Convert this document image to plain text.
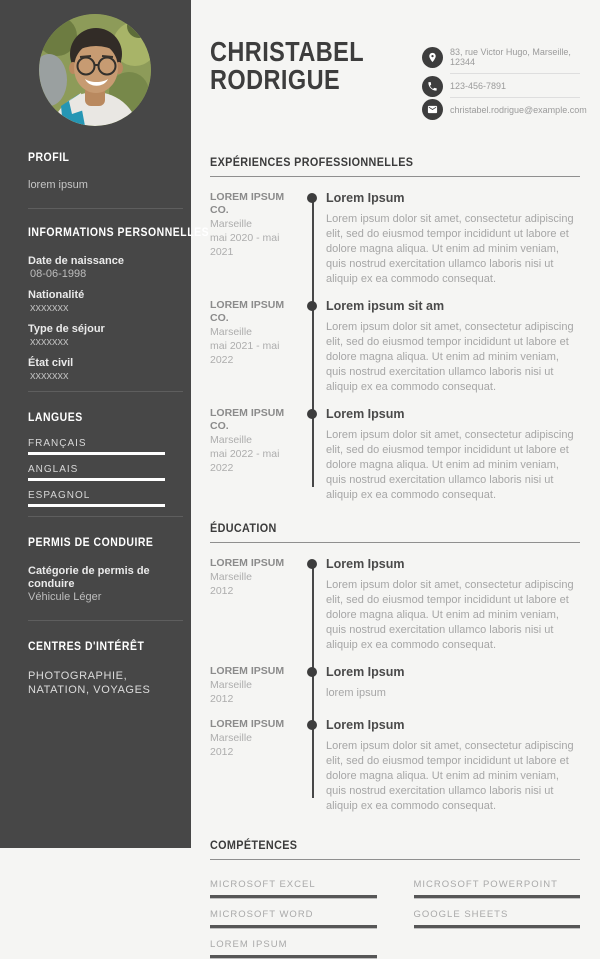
PROFIL
lorem ipsum
INFORMATIONS PERSONNELLES
Date de naissance
08-06-1998
Nationalité
xxxxxxx
Type de séjour
xxxxxxx
État civil
xxxxxxx
LANGUES
FRANÇAIS
ANGLAIS
ESPAGNOL
PERMIS DE CONDUIRE
Catégorie de permis de conduire
Véhicule Léger
CENTRES D'INTÉRÊT
PHOTOGRAPHIE, NATATION, VOYAGES
CHRISTABEL
RODRIGUE
83, rue Victor Hugo, Marseille, 12344
123-456-7891
christabel.rodrigue@example.com
EXPÉRIENCES PROFESSIONNELLES
LOREM IPSUM CO.
Marseille
mai 2020 - mai 2021
Lorem Ipsum
Lorem ipsum dolor sit amet, consectetur adipiscing elit, sed do eiusmod tempor incididunt ut labore et dolore magna aliqua. Ut enim ad minim veniam, quis nostrud exercitation ullamco laboris nisi ut aliquip ex ea commodo consequat.
LOREM IPSUM CO.
Marseille
mai 2021 - mai 2022
Lorem ipsum sit am
Lorem ipsum dolor sit amet, consectetur adipiscing elit, sed do eiusmod tempor incididunt ut labore et dolore magna aliqua. Ut enim ad minim veniam, quis nostrud exercitation ullamco laboris nisi ut aliquip ex ea commodo consequat.
LOREM IPSUM CO.
Marseille
mai 2022 - mai 2022
Lorem Ipsum
Lorem ipsum dolor sit amet, consectetur adipiscing elit, sed do eiusmod tempor incididunt ut labore et dolore magna aliqua. Ut enim ad minim veniam, quis nostrud exercitation ullamco laboris nisi ut aliquip ex ea commodo consequat.
ÉDUCATION
LOREM IPSUM
Marseille
2012
Lorem Ipsum
Lorem ipsum dolor sit amet, consectetur adipiscing elit, sed do eiusmod tempor incididunt ut labore et dolore magna aliqua. Ut enim ad minim veniam, quis nostrud exercitation ullamco laboris nisi ut aliquip ex ea commodo consequat.
LOREM IPSUM
Marseille
2012
Lorem Ipsum
lorem ipsum
LOREM IPSUM
Marseille
2012
Lorem Ipsum
Lorem ipsum dolor sit amet, consectetur adipiscing elit, sed do eiusmod tempor incididunt ut labore et dolore magna aliqua. Ut enim ad minim veniam, quis nostrud exercitation ullamco laboris nisi ut aliquip ex ea commodo consequat.
COMPÉTENCES
MICROSOFT EXCEL
MICROSOFT WORD
LOREM IPSUM
MICROSOFT POWERPOINT
GOOGLE SHEETS
